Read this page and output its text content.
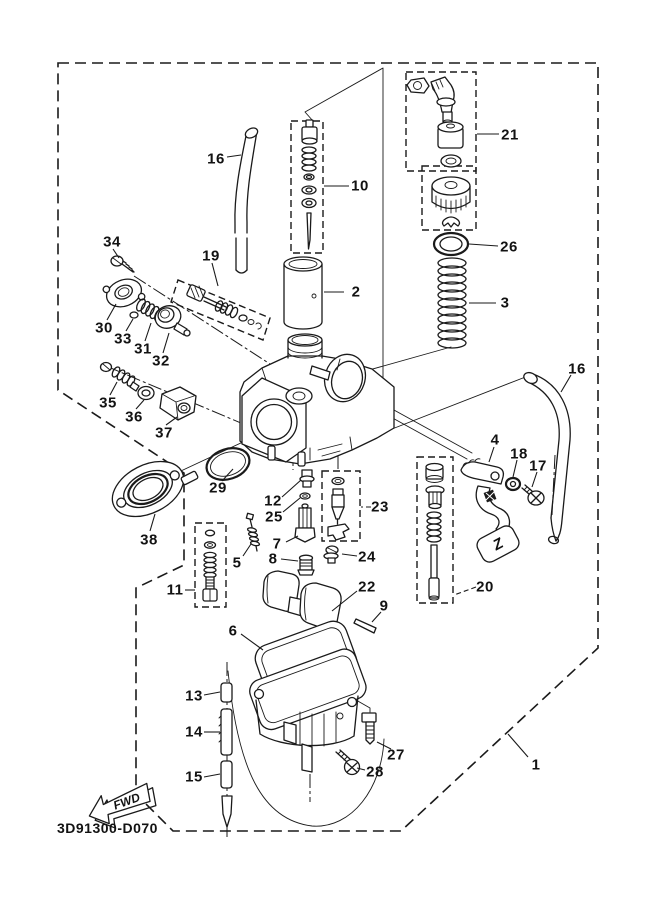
Z
FWD
3D91300-D070
1
2
3
4
5
6
7
8
9
10
11
12
13
14
15
16
16
17
18
19
20
21
22
23
24
25
26
27
28
29
30
31
32
33
34
35
36
37
38
